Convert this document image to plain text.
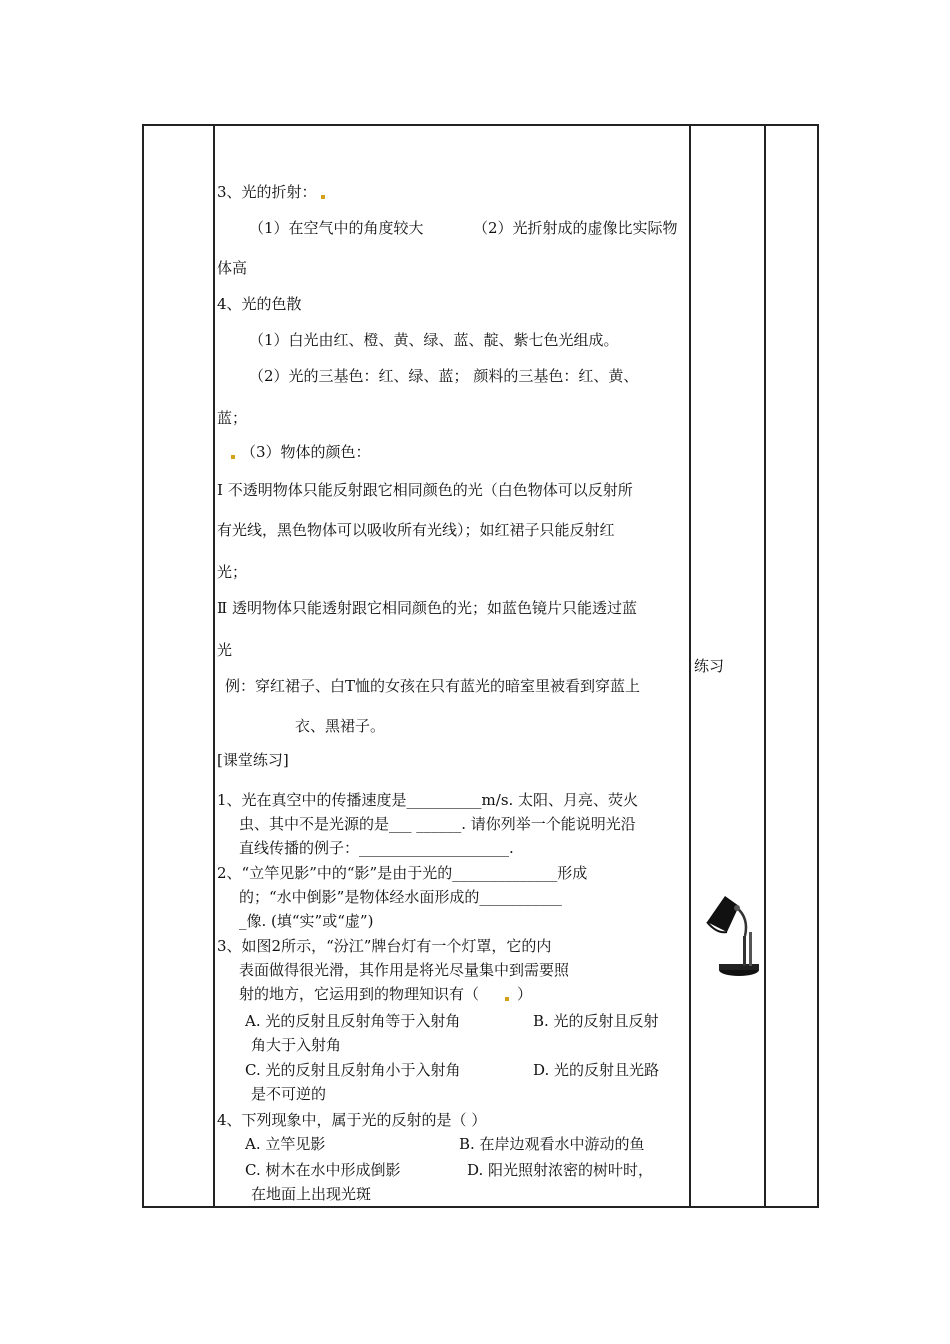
3、光的折射：
（1）在空气中的角度较大	（2）光折射成的虚像比实际物
体高
4、光的色散
（1）白光由红、橙、黄、绿、蓝、靛、紫七色光组成。
（2）光的三基色：红、绿、蓝； 颜料的三基色：红、黄、
蓝；
（3）物体的颜色：
Ⅰ 不透明物体只能反射跟它相同颜色的光（白色物体可以反射所
有光线，黑色物体可以吸收所有光线）；如红裙子只能反射红
光；
Ⅱ 透明物体只能透射跟它相同颜色的光；如蓝色镜片只能透过蓝
光
例：穿红裙子、白T恤的女孩在只有蓝光的暗室里被看到穿蓝上
衣、黑裙子。
[课堂练习]
1、光在真空中的传播速度是__________m/s. 太阳、月亮、荧火
虫、其中不是光源的是___ ______. 请你列举一个能说明光沿
直线传播的例子：____________________.
2、“立竿见影”中的“影”是由于光的______________形成
的；“水中倒影”是物体经水面形成的___________
_像. (填“实”或“虚”)
3、如图2所示，“汾江”牌台灯有一个灯罩，它的内
表面做得很光滑，其作用是将光尽量集中到需要照
射的地方，它运用到的物理知识有（	）
A. 光的反射且反射角等于入射角	B. 光的反射且反射
角大于入射角
C. 光的反射且反射角小于入射角	D. 光的反射且光路
是不可逆的
4、下列现象中，属于光的反射的是（ ）
A. 立竿见影	B. 在岸边观看水中游动的鱼
C. 树木在水中形成倒影	D. 阳光照射浓密的树叶时，
在地面上出现光斑
练习
